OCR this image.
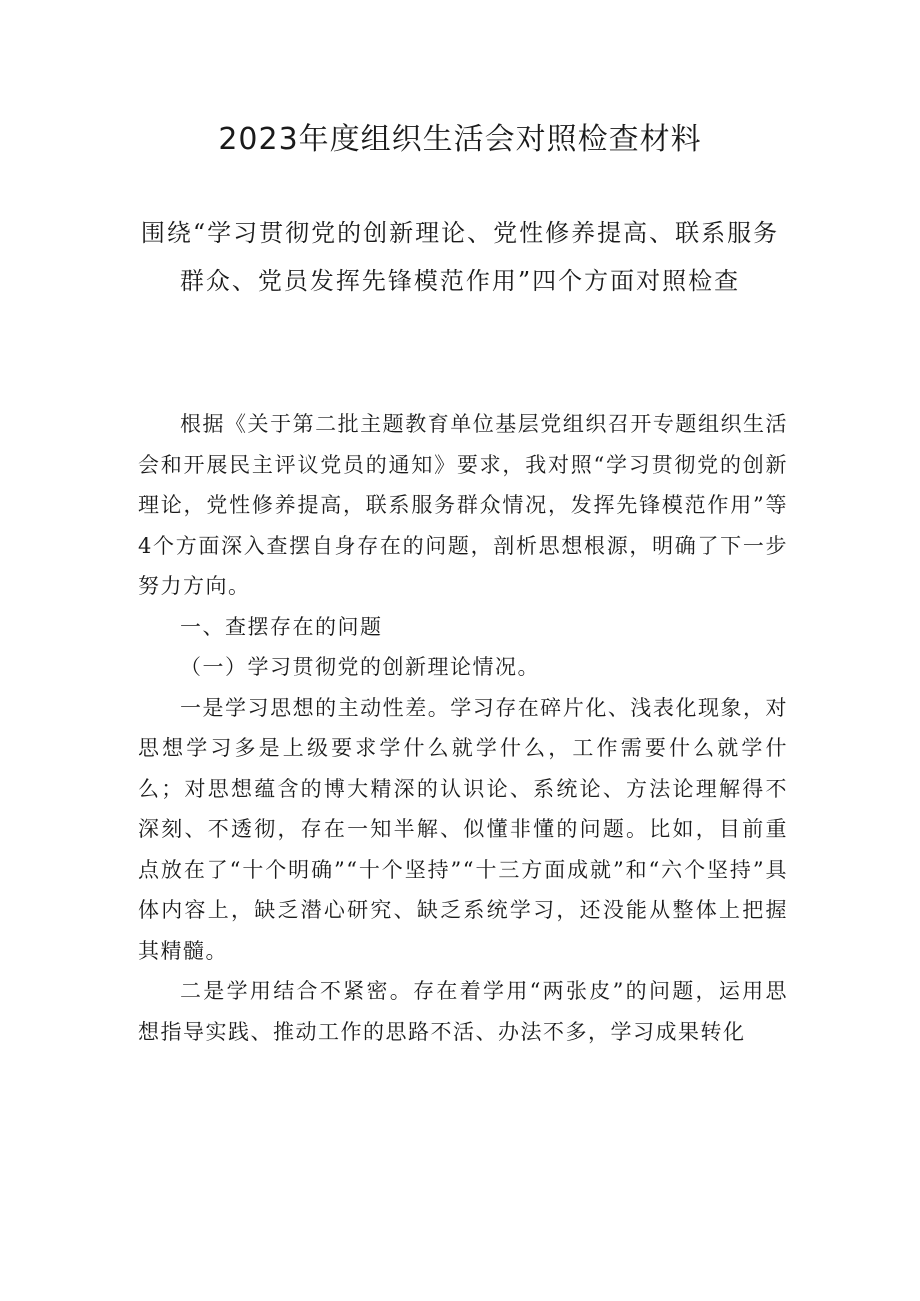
2023年度组织生活会对照检查材料
围绕“学习贯彻党的创新理论、党性修养提高、联系服务
群众、党员发挥先锋模范作用”四个方面对照检查

根据《关于第二批主题教育单位基层党组织召开专题组织生活会和开展民主评议党员的通知》要求，我对照“学习贯彻党的创新理论，党性修养提高，联系服务群众情况，发挥先锋模范作用”等4个方面深入查摆自身存在的问题，剖析思想根源，明确了下一步努力方向。

一、查摆存在的问题

（一）学习贯彻党的创新理论情况。

一是学习思想的主动性差。学习存在碎片化、浅表化现象，对思想学习多是上级要求学什么就学什么，工作需要什么就学什么；对思想蕴含的博大精深的认识论、系统论、方法论理解得不深刻、不透彻，存在一知半解、似懂非懂的问题。比如，目前重点放在了“十个明确”“十个坚持”“十三方面成就”和“六个坚持”具体内容上，缺乏潜心研究、缺乏系统学习，还没能从整体上把握其精髓。

二是学用结合不紧密。存在着学用“两张皮”的问题，运用思想指导实践、推动工作的思路不活、办法不多，学习成果转化
